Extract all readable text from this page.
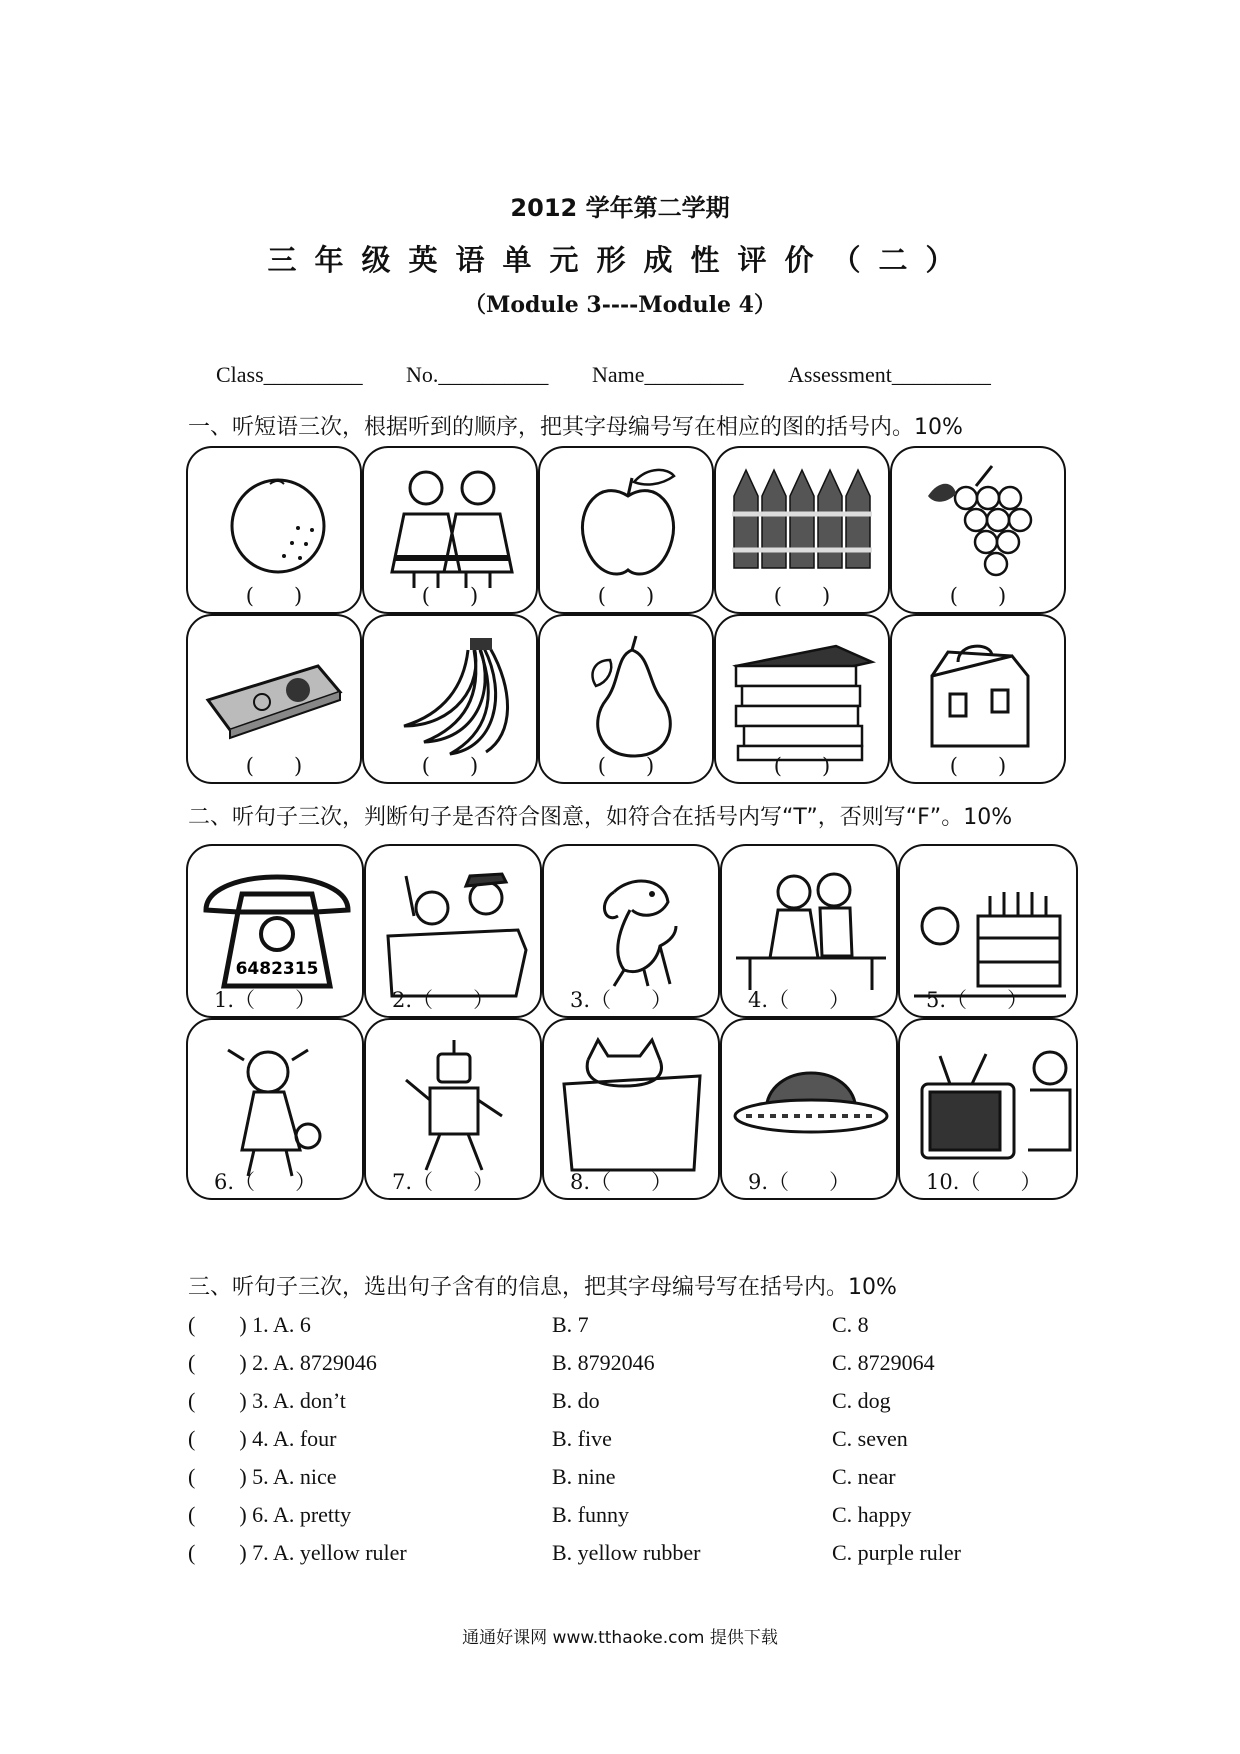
2012 学年第二学期
三年级英语单元形成性评价（二）
（Module 3----Module 4）
Class_________ No.__________ Name_________ Assessment_________
一、听短语三次，根据听到的顺序，把其字母编号写在相应的图的括号内。10%
(      )	(      )	(      )	(      )	(      )
(      )	(      )	(      )	(      )	(      )
二、听句子三次，判断句子是否符合图意，如符合在括号内写“T”，否则写“F”。10%
6482315
1.（      ）	2.（      ）	3.（      ）	4.（      ）	5.（      ）
6.（      ）	7.（      ）	8.（      ）	9.（      ）	10.（      ）
三、听句子三次，选出句子含有的信息，把其字母编号写在括号内。10%
(        ) 1. A. 6	B. 7	C. 8
(        ) 2. A. 8729046	B. 8792046	C. 8729064
(        ) 3. A. don’t	B. do	C. dog
(        ) 4. A. four	B. five	C. seven
(        ) 5. A. nice	B. nine	C. near
(        ) 6. A. pretty	B. funny	C. happy
(        ) 7. A. yellow ruler	B. yellow rubber	C. purple ruler
通通好课网 www.tthaoke.com 提供下载
